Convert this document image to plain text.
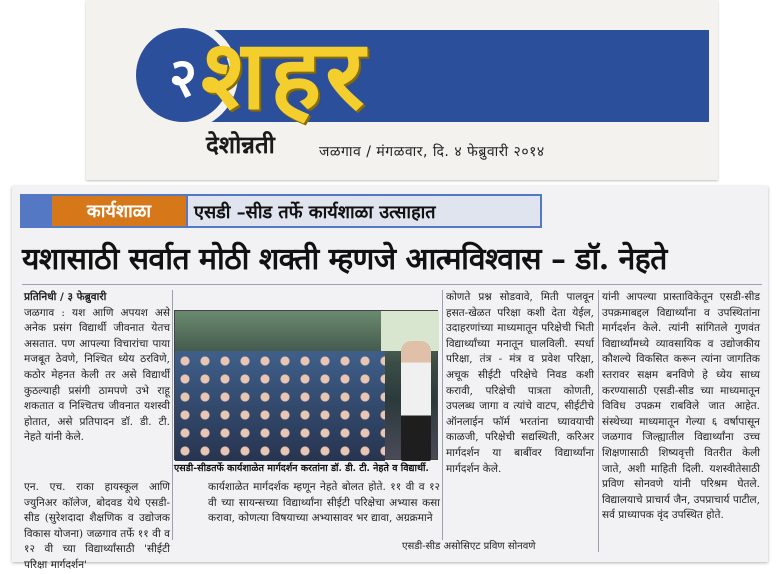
२ शहर
देशोन्नती	जळगाव / मंगळवार, दि. ४ फेब्रुवारी २०१४
कार्यशाळा	एसडी –सीड तर्फे कार्यशाळा उत्साहात
यशासाठी सर्वात मोठी शक्ती म्हणजे आत्मविश्वास – डॉ. नेहते
प्रतिनिधी / ३ फेब्रुवारी
जळगाव : यश आणि अपयश असे अनेक प्रसंग विद्यार्थी जीवनात येतच असतात. पण आपल्या विचारांचा पाया मजबूत ठेवणे, निश्चित ध्येय ठरविणे, कठोर मेहनत केली तर असे विद्यार्थी कुठल्याही प्रसंगी ठामपणे उभे राहू शकतात व निश्चितच जीवनात यशस्वी होतात, असे प्रतिपादन डॉ. डी. टी. नेहते यांनी केले.
एन. एच. राका हायस्कूल आणि ज्युनिअर कॉलेज, बोदवड येथे एसडी- सीड (सुरेशदादा शैक्षणिक व उद्योजक विकास योजना) जळगाव तर्फे ११ वी व १२ वी च्या विद्यार्थ्यांसाठी 'सीईटी परिक्षा मार्गदर्शन'
एसडी-सीडतर्फे कार्यशाळेत मार्गदर्शन करतांना डॉ. डी. टी. नेहते व विद्यार्थी.
कार्यशाळेत मार्गदर्शक म्हणून नेहते बोलत होते. ११ वी व १२ वी च्या सायन्सच्या विद्यार्थ्यांना सीईटी परिक्षेचा अभ्यास कसा करावा, कोणत्या विषयाच्या अभ्यासावर भर द्यावा, अग्रक्रमाने
कोणते प्रश्न सोडवावे, मिती पालवून हसत-खेळत परिक्षा कशी देता येईल, उदाहरणांच्या माध्यमातून परिक्षेची भिती विद्यार्थ्यांच्या मनातून घालविली. स्पर्धा परिक्षा, तंत्र - मंत्र व प्रवेश परिक्षा, अचूक सीईटी परिक्षेचे निवड कशी करावी, परिक्षेची पात्रता कोणती, उपलब्ध जागा व त्यांचे वाटप, सीईटीचे ऑनलाईन फॉर्म भरतांना घ्यावयाची काळजी, परिक्षेची सद्यस्थिती, करिअर मार्गदर्शन या बाबींवर विद्यार्थ्यांना मार्गदर्शन केले.
एसडी-सीड असोसिएट प्रविण सोनवणे
यांनी आपल्या प्रास्ताविकेतून एसडी-सीड उपक्रमाबद्दल विद्यार्थ्यांना व उपस्थितांना मार्गदर्शन केले. त्यांनी सांगितले गुणवंत विद्यार्थ्यांमध्ये व्यावसायिक व उद्योजकीय कौशल्ये विकसित करून त्यांना जागतिक स्तरावर सक्षम बनविणे हे ध्येय साध्य करण्यासाठी एसडी-सीड च्या माध्यमातून विविध उपक्रम राबविले जात आहेत. संस्थेच्या माध्यमातून गेल्या ६ वर्षापासून जळगाव जिल्ह्यातील विद्यार्थ्यांना उच्च शिक्षणासाठी शिष्यवृत्ती वितरीत केली जाते, अशी माहिती दिली. यशस्वीतेसाठी प्रविण सोनवणे यांनी परिश्रम घेतले. विद्यालयाचे प्राचार्य जैन, उपप्राचार्य पाटील, सर्व प्राध्यापक वृंद उपस्थित होते.
